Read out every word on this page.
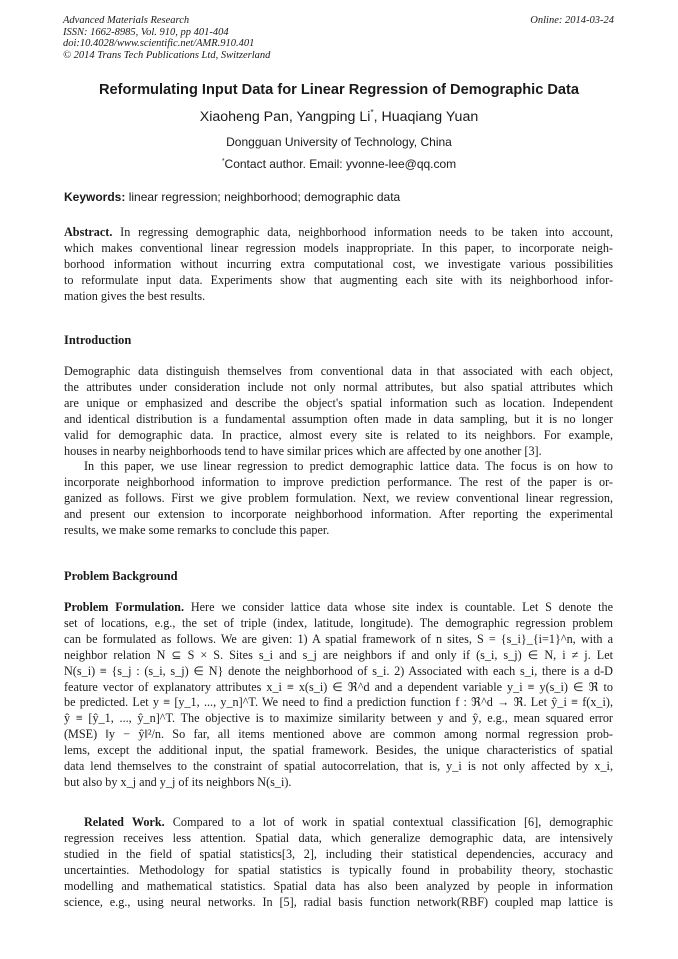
Advanced Materials Research
ISSN: 1662-8985, Vol. 910, pp 401-404
doi:10.4028/www.scientific.net/AMR.910.401
© 2014 Trans Tech Publications Ltd, Switzerland
Online: 2014-03-24
Reformulating Input Data for Linear Regression of Demographic Data
Xiaoheng Pan, Yangping Li*, Huaqiang Yuan
Dongguan University of Technology, China
*Contact author. Email: yvonne-lee@qq.com
Keywords: linear regression; neighborhood; demographic data
Abstract. In regressing demographic data, neighborhood information needs to be taken into account,
which makes conventional linear regression models inappropriate. In this paper, to incorporate neigh-
borhood information without incurring extra computational cost, we investigate various possibilities
to reformulate input data. Experiments show that augmenting each site with its neighborhood infor-
mation gives the best results.
Introduction
Demographic data distinguish themselves from conventional data in that associated with each object,
the attributes under consideration include not only normal attributes, but also spatial attributes which
are unique or emphasized and describe the object's spatial information such as location. Independent
and identical distribution is a fundamental assumption often made in data sampling, but it is no longer
valid for demographic data. In practice, almost every site is related to its neighbors. For example,
houses in nearby neighborhoods tend to have similar prices which are affected by one another [3].
In this paper, we use linear regression to predict demographic lattice data. The focus is on how to
incorporate neighborhood information to improve prediction performance. The rest of the paper is or-
ganized as follows. First we give problem formulation. Next, we review conventional linear regression,
and present our extension to incorporate neighborhood information. After reporting the experimental
results, we make some remarks to conclude this paper.
Problem Background
Problem Formulation. Here we consider lattice data whose site index is countable. Let S denote the
set of locations, e.g., the set of triple (index, latitude, longitude). The demographic regression problem
can be formulated as follows. We are given: 1) A spatial framework of n sites, S = {s_i}_{i=1}^n, with a
neighbor relation N ⊆ S × S. Sites s_i and s_j are neighbors if and only if (s_i, s_j) ∈ N, i ≠ j. Let
N(s_i) ≡ {s_j : (s_i, s_j) ∈ N} denote the neighborhood of s_i. 2) Associated with each s_i, there is a d-D
feature vector of explanatory attributes x_i ≡ x(s_i) ∈ ℜ^d and a dependent variable y_i ≡ y(s_i) ∈ ℜ to
be predicted. Let y ≡ [y_1, ..., y_n]^T. We need to find a prediction function f : ℜ^d → ℜ. Let ŷ_i ≡ f(x_i),
ŷ ≡ [ŷ_1, ..., ŷ_n]^T. The objective is to maximize similarity between y and ŷ, e.g., mean squared error
(MSE) ‖y − ŷ‖²/n. So far, all items mentioned above are common among normal regression prob-
lems, except the additional input, the spatial framework. Besides, the unique characteristics of spatial
data lend themselves to the constraint of spatial autocorrelation, that is, y_i is not only affected by x_i,
but also by x_j and y_j of its neighbors N(s_i).
Related Work. Compared to a lot of work in spatial contextual classification [6], demographic
regression receives less attention. Spatial data, which generalize demographic data, are intensively
studied in the field of spatial statistics[3, 2], including their statistical dependencies, accuracy and
uncertainties. Methodology for spatial statistics is typically found in probability theory, stochastic
modelling and mathematical statistics. Spatial data has also been analyzed by people in information
science, e.g., using neural networks. In [5], radial basis function network(RBF) coupled map lattice is
